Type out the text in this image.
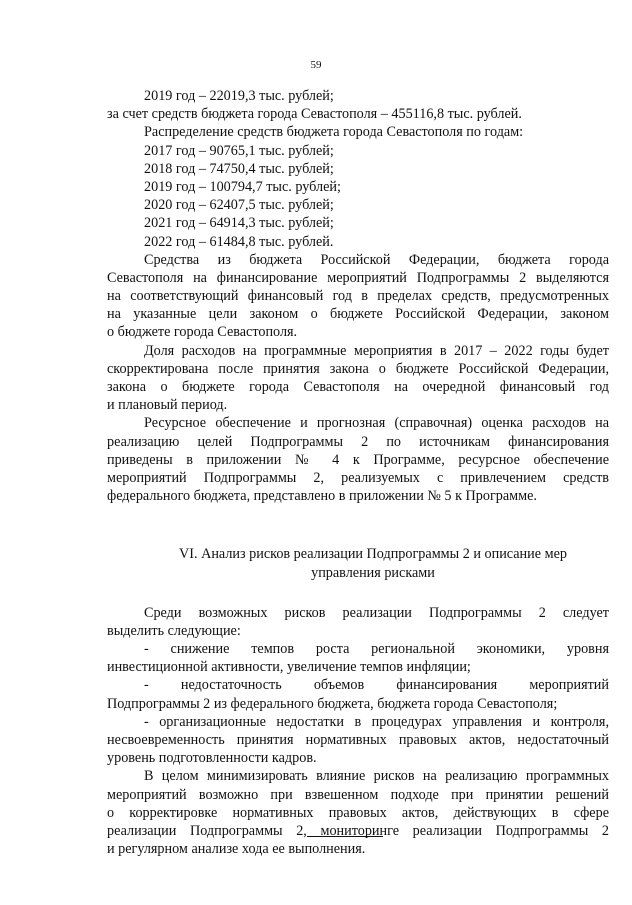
59
2019 год – 22019,3 тыс. рублей;
за счет средств бюджета города Севастополя – 455116,8 тыс. рублей.
Распределение средств бюджета города Севастополя по годам:
2017 год – 90765,1 тыс. рублей;
2018 год – 74750,4 тыс. рублей;
2019 год – 100794,7 тыс. рублей;
2020 год – 62407,5 тыс. рублей;
2021 год – 64914,3 тыс. рублей;
2022 год – 61484,8 тыс. рублей.
Средства из бюджета Российской Федерации, бюджета города
Севастополя на финансирование мероприятий Подпрограммы 2 выделяются
на соответствующий финансовый год в пределах средств, предусмотренных
на указанные цели законом о бюджете Российской Федерации, законом
о бюджете города Севастополя.
Доля расходов на программные мероприятия в 2017 – 2022 годы будет
скорректирована после принятия закона о бюджете Российской Федерации,
закона о бюджете города Севастополя на очередной финансовый год
и плановый период.
Ресурсное обеспечение и прогнозная (справочная) оценка расходов на
реализацию целей Подпрограммы 2 по источникам финансирования
приведены в приложении № 4 к Программе, ресурсное обеспечение
мероприятий Подпрограммы 2, реализуемых с привлечением средств
федерального бюджета, представлено в приложении № 5 к Программе.
VI. Анализ рисков реализации Подпрограммы 2 и описание мер
управления рисками
Среди возможных рисков реализации Подпрограммы 2 следует
выделить следующие:
- снижение темпов роста региональной экономики, уровня
инвестиционной активности, увеличение темпов инфляции;
- недостаточность объемов финансирования мероприятий
Подпрограммы 2 из федерального бюджета, бюджета города Севастополя;
- организационные недостатки в процедурах управления и контроля,
несвоевременность принятия нормативных правовых актов, недостаточный
уровень подготовленности кадров.
В целом минимизировать влияние рисков на реализацию программных
мероприятий возможно при взвешенном подходе при принятии решений
о корректировке нормативных правовых актов, действующих в сфере
реализации Подпрограммы 2, мониторинге реализации Подпрограммы 2
и регулярном анализе хода ее выполнения.
